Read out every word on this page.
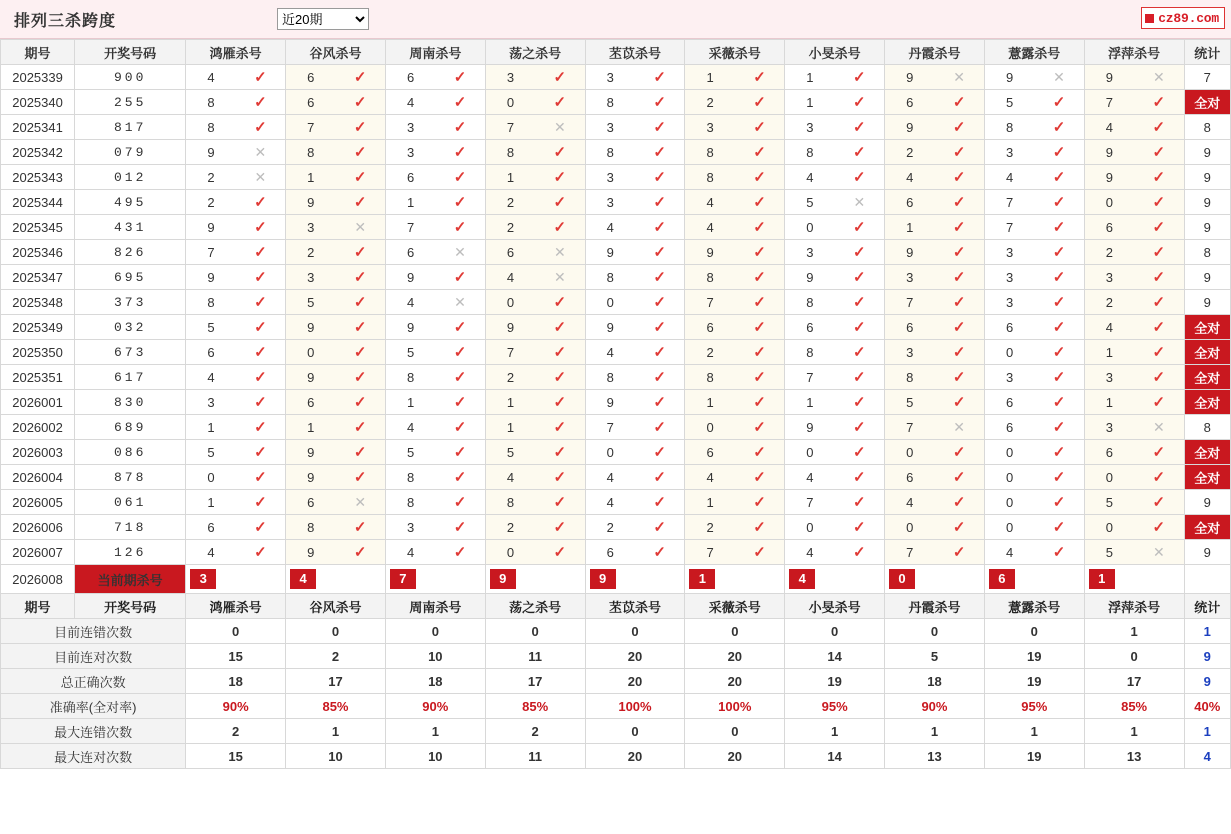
排列三杀跨度
近20期	cz89.com
期号	开奖号码	鸿雁杀号	谷风杀号	周南杀号	荡之杀号	苤苡杀号	采薇杀号	小旻杀号	丹霞杀号	薏露杀号	浮萍杀号	统计
2025339	900	4 ✓	6 ✓	6 ✓	3 ✓	3 ✓	1 ✓	1 ✓	9 ✕	9 ✕	9 ✕	7
2025340	255	8 ✓	6 ✓	4 ✓	0 ✓	8 ✓	2 ✓	1 ✓	6 ✓	5 ✓	7 ✓	全对
2025341	817	8 ✓	7 ✓	3 ✓	7 ✕	3 ✓	3 ✓	3 ✓	9 ✓	8 ✓	4 ✓	8
2025342	079	9 ✕	8 ✓	3 ✓	8 ✓	8 ✓	8 ✓	8 ✓	2 ✓	3 ✓	9 ✓	9
2025343	012	2 ✕	1 ✓	6 ✓	1 ✓	3 ✓	8 ✓	4 ✓	4 ✓	4 ✓	9 ✓	9
2025344	495	2 ✓	9 ✓	1 ✓	2 ✓	3 ✓	4 ✓	5 ✕	6 ✓	7 ✓	0 ✓	9
2025345	431	9 ✓	3 ✕	7 ✓	2 ✓	4 ✓	4 ✓	0 ✓	1 ✓	7 ✓	6 ✓	9
2025346	826	7 ✓	2 ✓	6 ✕	6 ✕	9 ✓	9 ✓	3 ✓	9 ✓	3 ✓	2 ✓	8
2025347	695	9 ✓	3 ✓	9 ✓	4 ✕	8 ✓	8 ✓	9 ✓	3 ✓	3 ✓	3 ✓	9
2025348	373	8 ✓	5 ✓	4 ✕	0 ✓	0 ✓	7 ✓	8 ✓	7 ✓	3 ✓	2 ✓	9
2025349	032	5 ✓	9 ✓	9 ✓	9 ✓	9 ✓	6 ✓	6 ✓	6 ✓	6 ✓	4 ✓	全对
2025350	673	6 ✓	0 ✓	5 ✓	7 ✓	4 ✓	2 ✓	8 ✓	3 ✓	0 ✓	1 ✓	全对
2025351	617	4 ✓	9 ✓	8 ✓	2 ✓	8 ✓	8 ✓	7 ✓	8 ✓	3 ✓	3 ✓	全对
2026001	830	3 ✓	6 ✓	1 ✓	1 ✓	9 ✓	1 ✓	1 ✓	5 ✓	6 ✓	1 ✓	全对
2026002	689	1 ✓	1 ✓	4 ✓	1 ✓	7 ✓	0 ✓	9 ✓	7 ✕	6 ✓	3 ✕	8
2026003	086	5 ✓	9 ✓	5 ✓	5 ✓	0 ✓	6 ✓	0 ✓	0 ✓	0 ✓	6 ✓	全对
2026004	878	0 ✓	9 ✓	8 ✓	4 ✓	4 ✓	4 ✓	4 ✓	6 ✓	0 ✓	0 ✓	全对
2026005	061	1 ✓	6 ✕	8 ✓	8 ✓	4 ✓	1 ✓	7 ✓	4 ✓	0 ✓	5 ✓	9
2026006	718	6 ✓	8 ✓	3 ✓	2 ✓	2 ✓	2 ✓	0 ✓	0 ✓	0 ✓	0 ✓	全对
2026007	126	4 ✓	9 ✓	4 ✓	0 ✓	6 ✓	7 ✓	4 ✓	7 ✓	4 ✓	5 ✕	9
2026008	当前期杀号	3	4	7	9	9	1	4	0	6	1	

期号	开奖号码	鸿雁杀号	谷风杀号	周南杀号	荡之杀号	苤苡杀号	采薇杀号	小旻杀号	丹霞杀号	薏露杀号	浮萍杀号	统计
目前连错次数		0	0	0	0	0	0	0	0	0	1	1
目前连对次数		15	2	10	11	20	20	14	5	19	0	9
总正确次数		18	17	18	17	20	20	19	18	19	17	9
准确率(全对率)		90%	85%	90%	85%	100%	100%	95%	90%	95%	85%	40%
最大连错次数		2	1	1	2	0	0	1	1	1	1	1
最大连对次数		15	10	10	11	20	20	14	13	19	13	4
